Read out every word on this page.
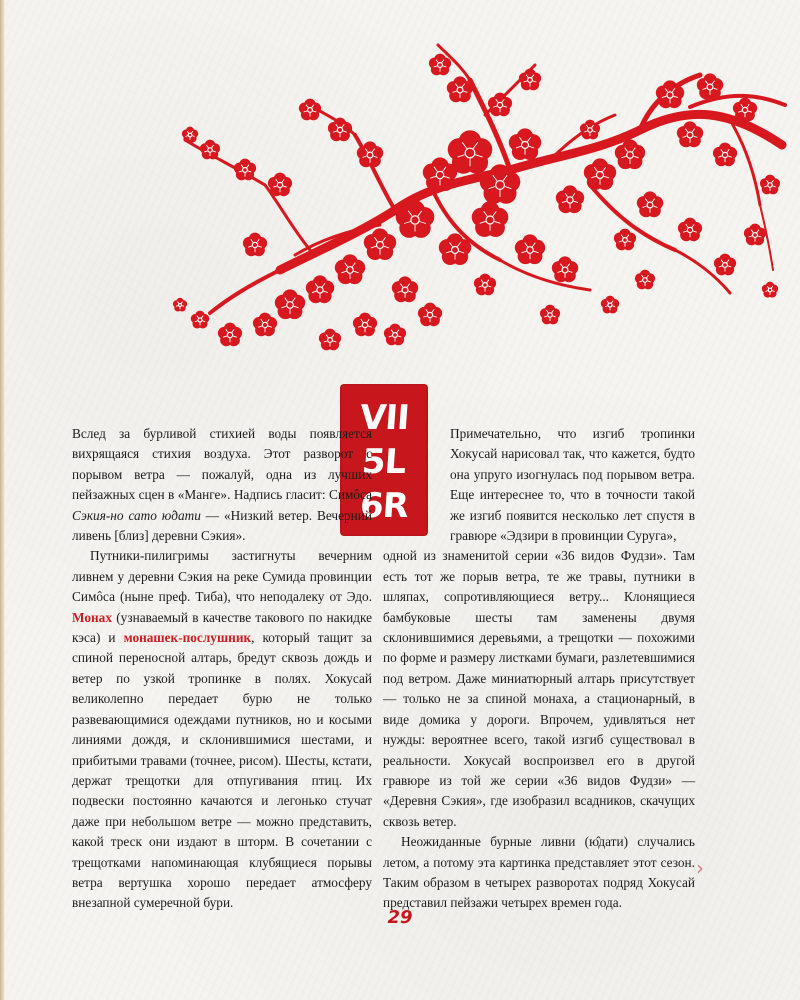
VII
5L
6R

Вслед за бурливой стихией воды появляется вихрящаяся стихия воздуха. Этот разворот с порывом ветра — пожалуй, одна из лучших пейзажных сцен в «Манге». Надпись гласит: Симôса Сэкия-но сато ю̂дати — «Низкий ветер. Вечерний ливень [близ] деревни Сэкия».

Путники-пилигримы застигнуты вечерним ливнем у деревни Сэкия на реке Сумида провинции Симôса (ныне преф. Тиба), что неподалеку от Эдо. Монах (узнаваемый в качестве такового по накидке кэса) и монашек-послушник, который тащит за спиной переносной алтарь, бредут сквозь дождь и ветер по узкой тропинке в полях. Хокусай великолепно передает бурю не только развевающимися одеждами путников, но и косыми линиями дождя, и склонившимися шестами, и прибитыми травами (точнее, рисом). Шесты, кстати, держат трещотки для отпугивания птиц. Их подвески постоянно качаются и легонько стучат даже при небольшом ветре — можно представить, какой треск они издают в шторм. В сочетании с трещотками напоминающая клубящиеся порывы ветра вертушка хорошо передает атмосферу внезапной сумеречной бури.

Примечательно, что изгиб тропинки Хокусай нарисовал так, что кажется, будто она упруго изогнулась под порывом ветра. Еще интереснее то, что в точности такой же изгиб появится несколько лет спустя в гравюре «Эдзири в провинции Суруга»,
одной из знаменитой серии «36 видов Фудзи». Там есть тот же порыв ветра, те же травы, путники в шляпах, сопротивляющиеся ветру... Клонящиеся бамбуковые шесты там заменены двумя склонившимися деревьями, а трещотки — похожими по форме и размеру листками бумаги, разлетевшимися под ветром. Даже миниатюрный алтарь присутствует — только не за спиной монаха, а стационарный, в виде домика у дороги. Впрочем, удивляться нет нужды: вероятнее всего, такой изгиб существовал в реальности. Хокусай воспроизвел его в другой гравюре из той же серии «36 видов Фудзи» — «Деревня Сэкия», где изобразил всадников, скачущих сквозь ветер.

Неожиданные бурные ливни (ю̂дати) случались летом, а потому эта картинка представляет этот сезон. Таким образом в четырех разворотах подряд Хокусай представил пейзажи четырех времен года.

›
29
